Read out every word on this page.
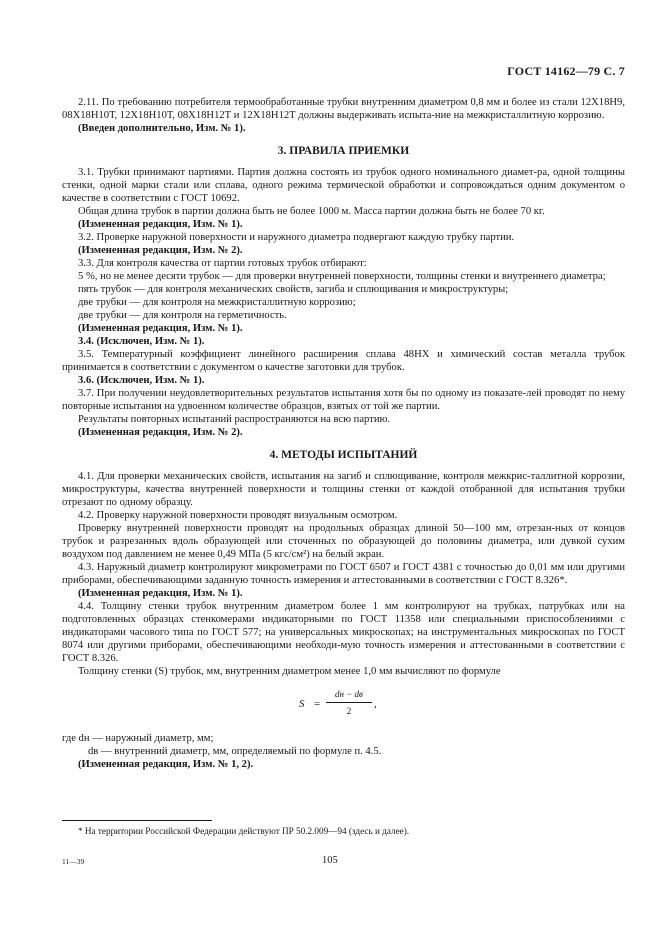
ГОСТ 14162—79 С. 7

2.11. По требованию потребителя термообработанные трубки внутренним диаметром 0,8 мм и более из стали 12Х18Н9, 08Х18Н10Т, 12Х18Н10Т, 08Х18Н12Т и 12Х18Н12Т должны выдерживать испыта-ние на межкристаллитную коррозию.

(Введен дополнительно, Изм. № 1).

3. ПРАВИЛА ПРИЕМКИ

3.1. Трубки принимают партиями. Партия должна состоять из трубок одного номинального диамет-ра, одной толщины стенки, одной марки стали или сплава, одного режима термической обработки и сопровождаться одним документом о качестве в соответствии с ГОСТ 10692.

Общая длина трубок в партии должна быть не более 1000 м. Масса партии должна быть не более 70 кг.

(Измененная редакция, Изм. № 1).

3.2. Проверке наружной поверхности и наружного диаметра подвергают каждую трубку партии.

(Измененная редакция, Изм. № 2).

3.3. Для контроля качества от партии готовых трубок отбирают:

5 %, но не менее десяти трубок — для проверки внутренней поверхности, толщины стенки и внутреннего диаметра;

пять трубок — для контроля механических свойств, загиба и сплющивания и микроструктуры;

две трубки — для контроля на межкристаллитную коррозию;

две трубки — для контроля на герметичность.

(Измененная редакция, Изм. № 1).

3.4. (Исключен, Изм. № 1).

3.5. Температурный коэффициент линейного расширения сплава 48НХ и химический состав металла трубок принимается в соответствии с документом о качестве заготовки для трубок.

3.6. (Исключен, Изм. № 1).

3.7. При получении неудовлетворительных результатов испытания хотя бы по одному из показате-лей проводят по нему повторные испытания на удвоенном количестве образцов, взятых от той же партии.

Результаты повторных испытаний распространяются на всю партию.

(Измененная редакция, Изм. № 2).

4. МЕТОДЫ ИСПЫТАНИЙ

4.1. Для проверки механических свойств, испытания на загиб и сплющивание, контроля межкрис-таллитной коррозии, микроструктуры, качества внутренней поверхности и толщины стенки от каждой отобранной для испытания трубки отрезают по одному образцу.

4.2. Проверку наружной поверхности проводят визуальным осмотром.

Проверку внутренней поверхности проводят на продольных образцах длиной 50—100 мм, отрезан-ных от концов трубок и разрезанных вдоль образующей или сточенных по образующей до половины диаметра, или дувкой сухим воздухом под давлением не менее 0,49 МПа (5 кгс/см²) на белый экран.

4.3. Наружный диаметр контролируют микрометрами по ГОСТ 6507 и ГОСТ 4381 с точностью до 0,01 мм или другими приборами, обеспечивающими заданную точность измерения и аттестованными в соответствии с ГОСТ 8.326*.

(Измененная редакция, Изм. № 1).

4.4. Толщину стенки трубок внутренним диаметром более 1 мм контролируют на трубках, патрубках или на подготовленных образцах стенкомерами индикаторными по ГОСТ 11358 или специальными приспособлениями с индикаторами часового типа по ГОСТ 577; на универсальных микроскопах; на инструментальных микроскопах по ГОСТ 8074 или другими приборами, обеспечивающими необходи-мую точность измерения и аттестованными в соответствии с ГОСТ 8.326.

Толщину стенки (S) трубок, мм, внутренним диаметром менее 1,0 мм вычисляют по формуле

S =
dн − dв
2
,

где dн — наружный диаметр, мм;

dв — внутренний диаметр, мм, определяемый по формуле п. 4.5.

(Измененная редакция, Изм. № 1, 2).

* На территории Российской Федерации действуют ПР 50.2.009—94 (здесь и далее).
11—39	105
